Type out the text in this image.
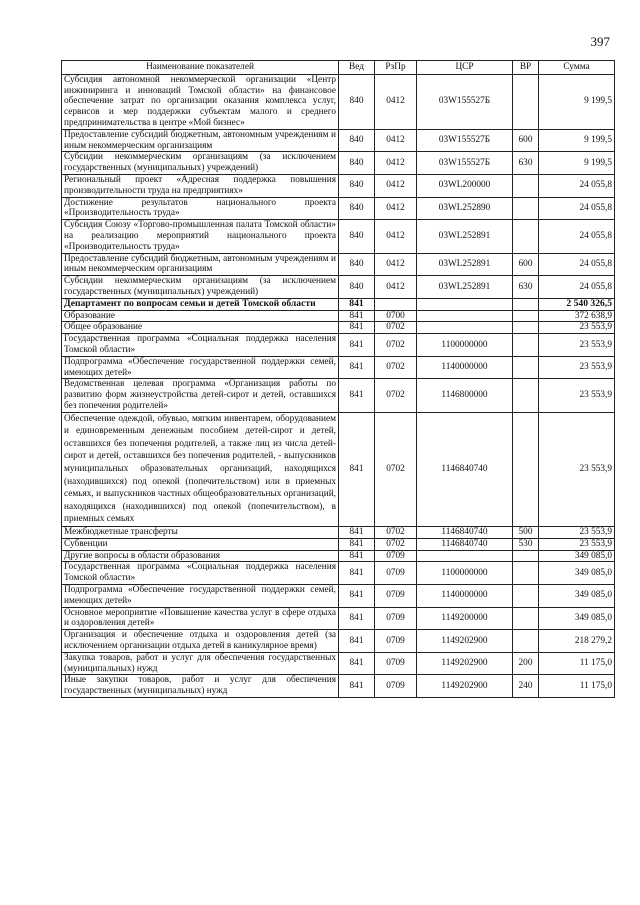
397
Наименование показателей	Вед	РзПр	ЦСР	ВР	Сумма
Субсидия автономной некоммерческой организации «Центр инжиниринга и инноваций Томской области» на финансовое обеспечение затрат по организации оказания комплекса услуг, сервисов и мер поддержки субъектам малого и среднего предпринимательства в центре «Мой бизнес»	840	0412	03W155527Б		9 199,5
Предоставление субсидий бюджетным, автономным учреждениям и иным некоммерческим организациям	840	0412	03W155527Б	600	9 199,5
Субсидии некоммерческим организациям (за исключением государственных (муниципальных) учреждений)	840	0412	03W155527Б	630	9 199,5
Региональный проект «Адресная поддержка повышения производительности труда на предприятиях»	840	0412	03WL200000		24 055,8
Достижение результатов национального проекта «Производительность труда»	840	0412	03WL252890		24 055,8
Субсидия Союзу «Торгово-промышленная палата Томской области» на реализацию мероприятий национального проекта «Производительность труда»	840	0412	03WL252891		24 055,8
Предоставление субсидий бюджетным, автономным учреждениям и иным некоммерческим организациям	840	0412	03WL252891	600	24 055,8
Субсидии некоммерческим организациям (за исключением государственных (муниципальных) учреждений)	840	0412	03WL252891	630	24 055,8
Департамент по вопросам семьи и детей Томской области	841				2 540 326,5
Образование	841	0700			372 638,9
Общее образование	841	0702			23 553,9
Государственная программа «Социальная поддержка населения Томской области»	841	0702	1100000000		23 553,9
Подпрограмма «Обеспечение государственной поддержки семей, имеющих детей»	841	0702	1140000000		23 553,9
Ведомственная целевая программа «Организация работы по развитию форм жизнеустройства детей-сирот и детей, оставшихся без попечения родителей»	841	0702	1146800000		23 553,9
Обеспечение одеждой, обувью, мягким инвентарем, оборудованием и единовременным денежным пособием детей-сирот и детей, оставшихся без попечения родителей, а также лиц из числа детей-сирот и детей, оставшихся без попечения родителей, - выпускников муниципальных образовательных организаций, находящихся (находившихся) под опекой (попечительством) или в приемных семьях, и выпускников частных общеобразовательных организаций, находящихся (находившихся) под опекой (попечительством), в приемных семьях	841	0702	1146840740		23 553,9
Межбюджетные трансферты	841	0702	1146840740	500	23 553,9
Субвенции	841	0702	1146840740	530	23 553,9
Другие вопросы в области образования	841	0709			349 085,0
Государственная программа «Социальная поддержка населения Томской области»	841	0709	1100000000		349 085,0
Подпрограмма «Обеспечение государственной поддержки семей, имеющих детей»	841	0709	1140000000		349 085,0
Основное мероприятие «Повышение качества услуг в сфере отдыха и оздоровления детей»	841	0709	1149200000		349 085,0
Организация и обеспечение отдыха и оздоровления детей (за исключением организации отдыха детей в каникулярное время)	841	0709	1149202900		218 279,2
Закупка товаров, работ и услуг для обеспечения государственных (муниципальных) нужд	841	0709	1149202900	200	11 175,0
Иные закупки товаров, работ и услуг для обеспечения государственных (муниципальных) нужд	841	0709	1149202900	240	11 175,0
